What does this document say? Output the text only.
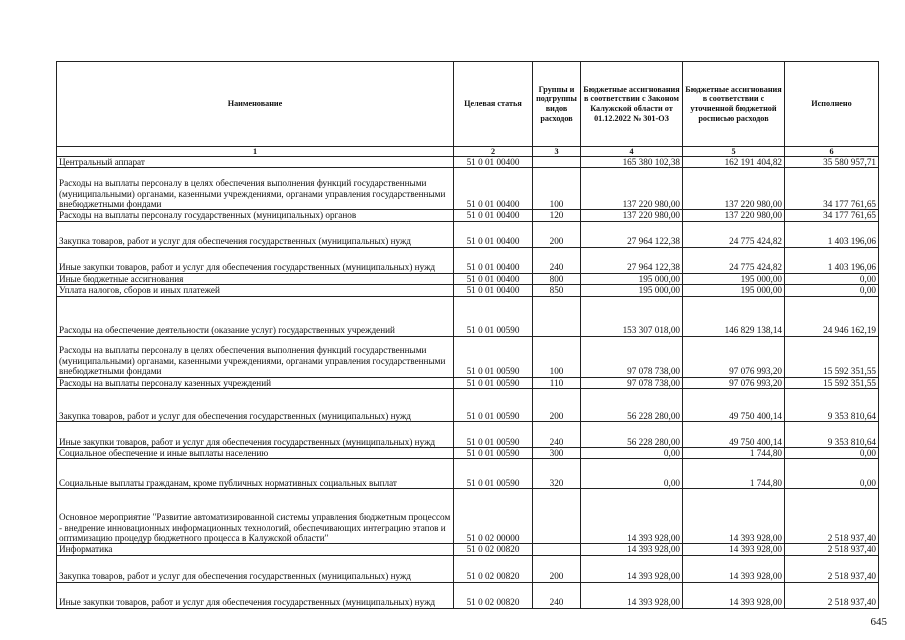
Наименование	Целевая статья	Группы и подгруппы видов расходов	Бюджетные ассигнования в соответствии с Законом Калужской области от 01.12.2022 № 301-ОЗ	Бюджетные ассигнования в соответствии с уточненной бюджетной росписью расходов	Исполнено
1	2	3	4	5	6
Центральный аппарат	51 0 01 00400		165 380 102,38	162 191 404,82	35 580 957,71
Расходы на выплаты персоналу в целях обеспечения выполнения функций государственными (муниципальными) органами, казенными учреждениями, органами управления государственными внебюджетными фондами	51 0 01 00400	100	137 220 980,00	137 220 980,00	34 177 761,65
Расходы на выплаты персоналу государственных (муниципальных) органов	51 0 01 00400	120	137 220 980,00	137 220 980,00	34 177 761,65
Закупка товаров, работ и услуг для обеспечения государственных (муниципальных) нужд	51 0 01 00400	200	27 964 122,38	24 775 424,82	1 403 196,06
Иные закупки товаров, работ и услуг для обеспечения государственных (муниципальных) нужд	51 0 01 00400	240	27 964 122,38	24 775 424,82	1 403 196,06
Иные бюджетные ассигнования	51 0 01 00400	800	195 000,00	195 000,00	0,00
Уплата налогов, сборов и иных платежей	51 0 01 00400	850	195 000,00	195 000,00	0,00
Расходы на обеспечение деятельности (оказание услуг) государственных учреждений	51 0 01 00590		153 307 018,00	146 829 138,14	24 946 162,19
Расходы на выплаты персоналу в целях обеспечения выполнения функций государственными (муниципальными) органами, казенными учреждениями, органами управления государственными внебюджетными фондами	51 0 01 00590	100	97 078 738,00	97 076 993,20	15 592 351,55
Расходы на выплаты персоналу казенных учреждений	51 0 01 00590	110	97 078 738,00	97 076 993,20	15 592 351,55
Закупка товаров, работ и услуг для обеспечения государственных (муниципальных) нужд	51 0 01 00590	200	56 228 280,00	49 750 400,14	9 353 810,64
Иные закупки товаров, работ и услуг для обеспечения государственных (муниципальных) нужд	51 0 01 00590	240	56 228 280,00	49 750 400,14	9 353 810,64
Социальное обеспечение и иные выплаты населению	51 0 01 00590	300	0,00	1 744,80	0,00
Социальные выплаты гражданам, кроме публичных нормативных социальных выплат	51 0 01 00590	320	0,00	1 744,80	0,00
Основное мероприятие "Развитие автоматизированной системы управления бюджетным процессом - внедрение инновационных информационных технологий, обеспечивающих интеграцию этапов и оптимизацию процедур бюджетного процесса в Калужской области"	51 0 02 00000		14 393 928,00	14 393 928,00	2 518 937,40
Информатика	51 0 02 00820		14 393 928,00	14 393 928,00	2 518 937,40
Закупка товаров, работ и услуг для обеспечения государственных (муниципальных) нужд	51 0 02 00820	200	14 393 928,00	14 393 928,00	2 518 937,40
Иные закупки товаров, работ и услуг для обеспечения государственных (муниципальных) нужд	51 0 02 00820	240	14 393 928,00	14 393 928,00	2 518 937,40
645
